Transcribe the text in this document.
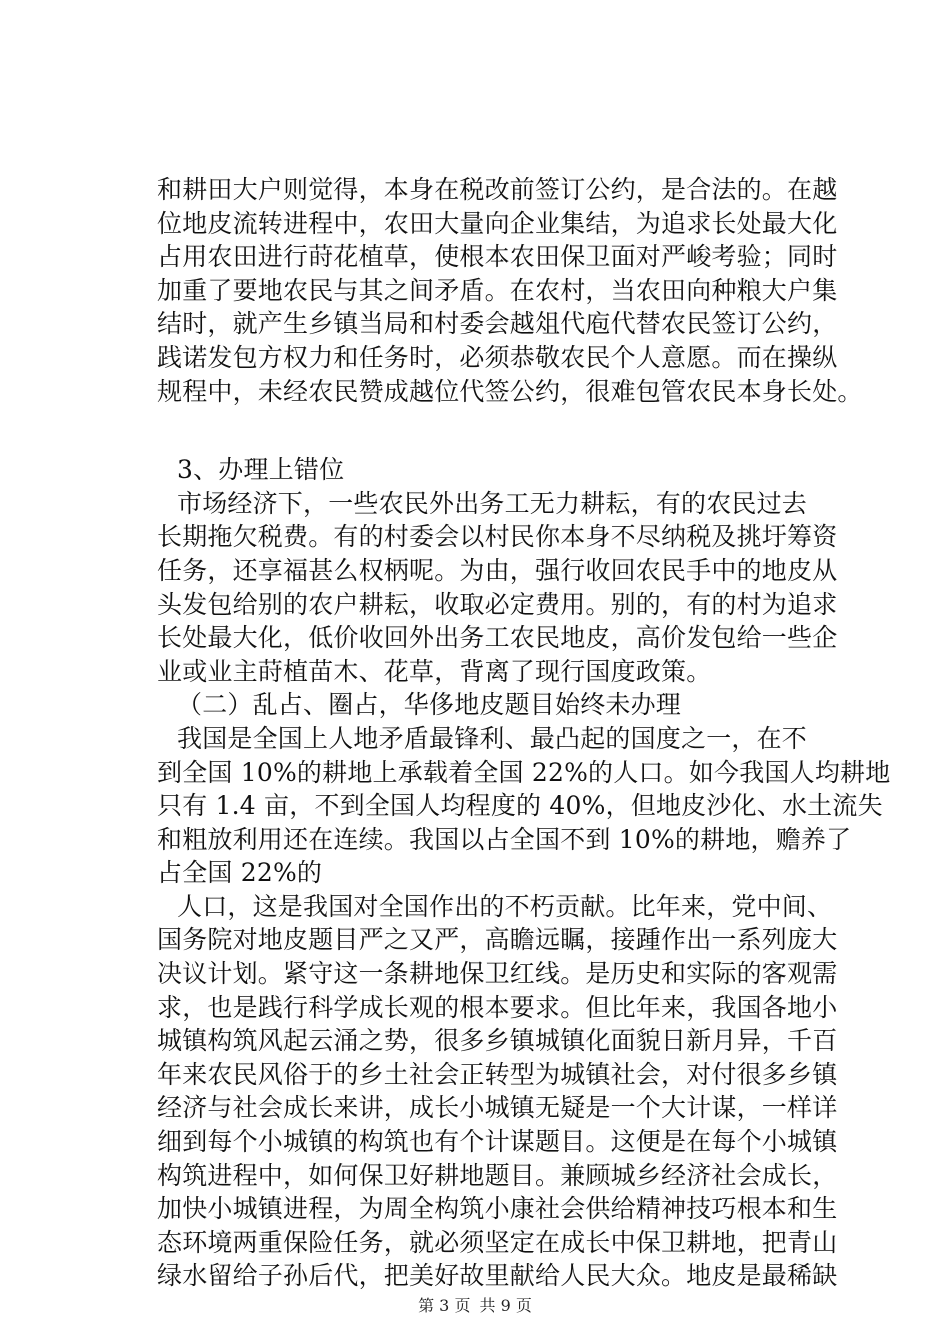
和耕田大户则觉得，本身在税改前签订公约，是合法的。在越
位地皮流转进程中，农田大量向企业集结，为追求长处最大化
占用农田进行莳花植草，使根本农田保卫面对严峻考验；同时
加重了要地农民与其之间矛盾。在农村，当农田向种粮大户集
结时，就产生乡镇当局和村委会越俎代庖代替农民签订公约，
践诺发包方权力和任务时，必须恭敬农民个人意愿。而在操纵
规程中，未经农民赞成越位代签公约，很难包管农民本身长处。
3、办理上错位
市场经济下，一些农民外出务工无力耕耘，有的农民过去
长期拖欠税费。有的村委会以村民你本身不尽纳税及挑圩筹资
任务，还享福甚么权柄呢。为由，强行收回农民手中的地皮从
头发包给别的农户耕耘，收取必定费用。别的，有的村为追求
长处最大化，低价收回外出务工农民地皮，高价发包给一些企
业或业主莳植苗木、花草，背离了现行国度政策。
（二）乱占、圈占，华侈地皮题目始终未办理
我国是全国上人地矛盾最锋利、最凸起的国度之一，在不
到全国 10%的耕地上承载着全国 22%的人口。如今我国人均耕地
只有 1.4 亩，不到全国人均程度的 40%，但地皮沙化、水土流失
和粗放利用还在连续。我国以占全国不到 10%的耕地，赡养了
占全国 22%的
人口，这是我国对全国作出的不朽贡献。比年来，党中间、
国务院对地皮题目严之又严，高瞻远瞩，接踵作出一系列庞大
决议计划。紧守这一条耕地保卫红线。是历史和实际的客观需
求，也是践行科学成长观的根本要求。但比年来，我国各地小
城镇构筑风起云涌之势，很多乡镇城镇化面貌日新月异，千百
年来农民风俗于的乡土社会正转型为城镇社会，对付很多乡镇
经济与社会成长来讲，成长小城镇无疑是一个大计谋，一样详
细到每个小城镇的构筑也有个计谋题目。这便是在每个小城镇
构筑进程中，如何保卫好耕地题目。兼顾城乡经济社会成长，
加快小城镇进程，为周全构筑小康社会供给精神技巧根本和生
态环境两重保险任务，就必须坚定在成长中保卫耕地，把青山
绿水留给子孙后代，把美好故里献给人民大众。地皮是最稀缺
第 3 页 共 9 页
